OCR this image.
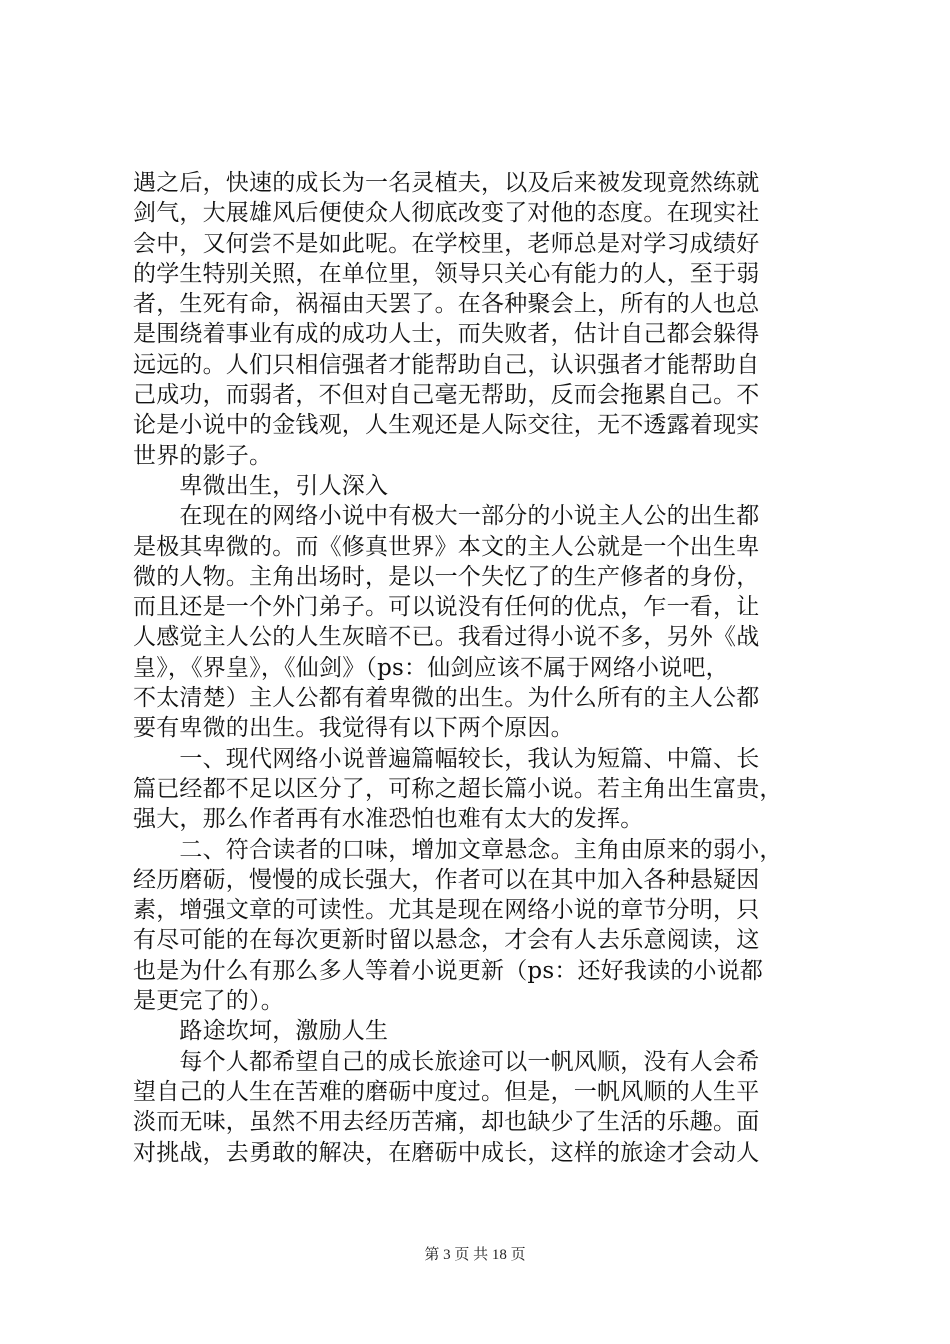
遇之后，快速的成长为一名灵植夫，以及后来被发现竟然练就
剑气，大展雄风后便使众人彻底改变了对他的态度。在现实社
会中，又何尝不是如此呢。在学校里，老师总是对学习成绩好
的学生特别关照，在单位里，领导只关心有能力的人，至于弱
者，生死有命，祸福由天罢了。在各种聚会上，所有的人也总
是围绕着事业有成的成功人士，而失败者，估计自己都会躲得
远远的。人们只相信强者才能帮助自己，认识强者才能帮助自
己成功，而弱者，不但对自己毫无帮助，反而会拖累自己。不
论是小说中的金钱观，人生观还是人际交往，无不透露着现实
世界的影子。
　　卑微出生，引人深入
　　在现在的网络小说中有极大一部分的小说主人公的出生都
是极其卑微的。而《修真世界》本文的主人公就是一个出生卑
微的人物。主角出场时，是以一个失忆了的生产修者的身份，
而且还是一个外门弟子。可以说没有任何的优点，乍一看，让
人感觉主人公的人生灰暗不已。我看过得小说不多，另外《战
皇》，《界皇》，《仙剑》（ps：仙剑应该不属于网络小说吧，
不太清楚）主人公都有着卑微的出生。为什么所有的主人公都
要有卑微的出生。我觉得有以下两个原因。
　　一、现代网络小说普遍篇幅较长，我认为短篇、中篇、长
篇已经都不足以区分了，可称之超长篇小说。若主角出生富贵，
强大，那么作者再有水准恐怕也难有太大的发挥。
　　二、符合读者的口味，增加文章悬念。主角由原来的弱小，
经历磨砺，慢慢的成长强大，作者可以在其中加入各种悬疑因
素，增强文章的可读性。尤其是现在网络小说的章节分明，只
有尽可能的在每次更新时留以悬念，才会有人去乐意阅读，这
也是为什么有那么多人等着小说更新（ps：还好我读的小说都
是更完了的）。
　　路途坎坷，激励人生
　　每个人都希望自己的成长旅途可以一帆风顺，没有人会希
望自己的人生在苦难的磨砺中度过。但是，一帆风顺的人生平
淡而无味，虽然不用去经历苦痛，却也缺少了生活的乐趣。面
对挑战，去勇敢的解决，在磨砺中成长，这样的旅途才会动人
第 3 页 共 18 页
